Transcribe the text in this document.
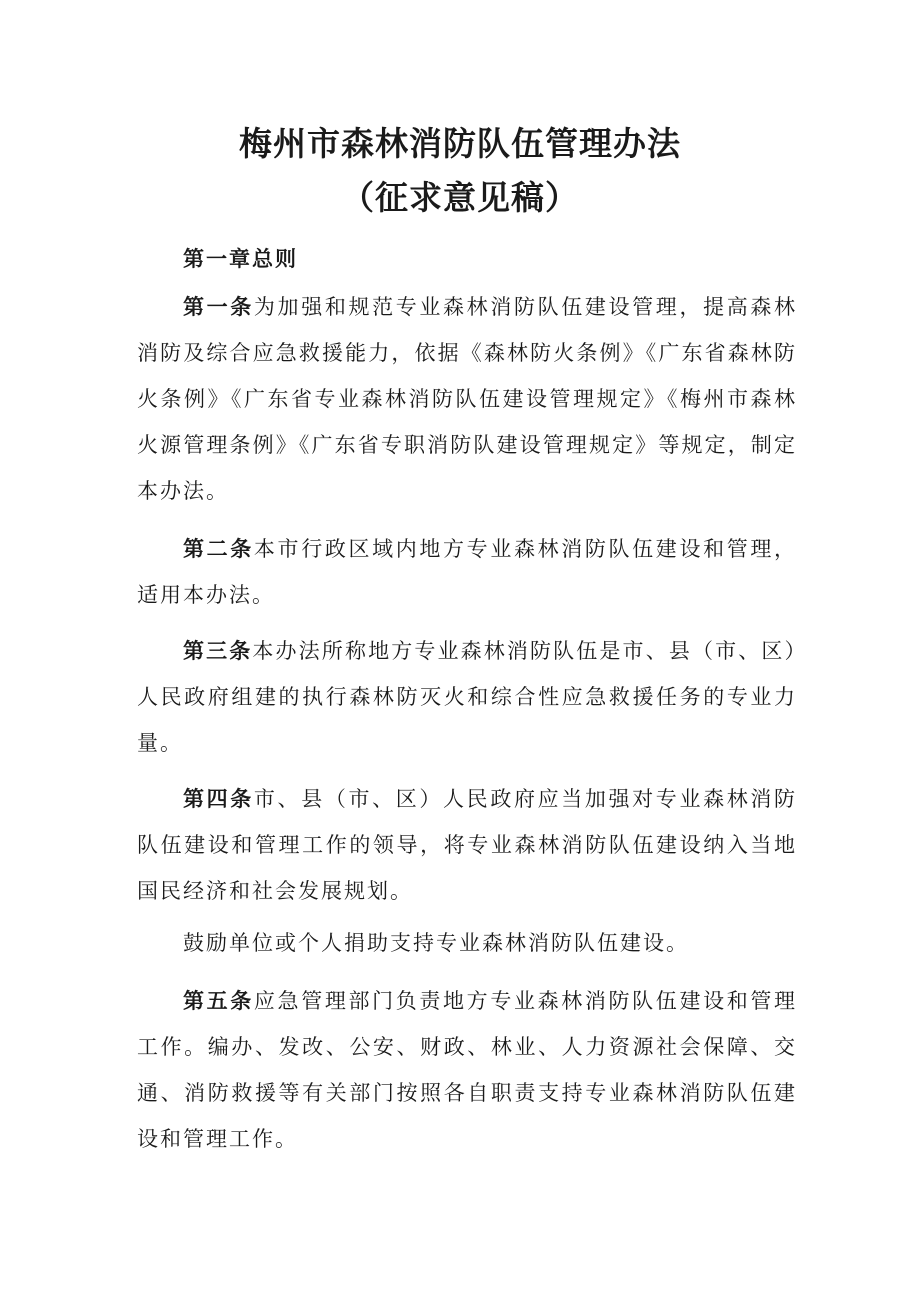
梅州市森林消防队伍管理办法
（征求意见稿）
第一章总则
第一条为加强和规范专业森林消防队伍建设管理，提高森林消防及综合应急救援能力，依据《森林防火条例》《广东省森林防火条例》《广东省专业森林消防队伍建设管理规定》《梅州市森林火源管理条例》《广东省专职消防队建设管理规定》等规定，制定本办法。
第二条本市行政区域内地方专业森林消防队伍建设和管理，适用本办法。
第三条本办法所称地方专业森林消防队伍是市、县（市、区）人民政府组建的执行森林防灭火和综合性应急救援任务的专业力量。
第四条市、县（市、区）人民政府应当加强对专业森林消防队伍建设和管理工作的领导，将专业森林消防队伍建设纳入当地国民经济和社会发展规划。
鼓励单位或个人捐助支持专业森林消防队伍建设。
第五条应急管理部门负责地方专业森林消防队伍建设和管理工作。编办、发改、公安、财政、林业、人力资源社会保障、交通、消防救援等有关部门按照各自职责支持专业森林消防队伍建设和管理工作。
